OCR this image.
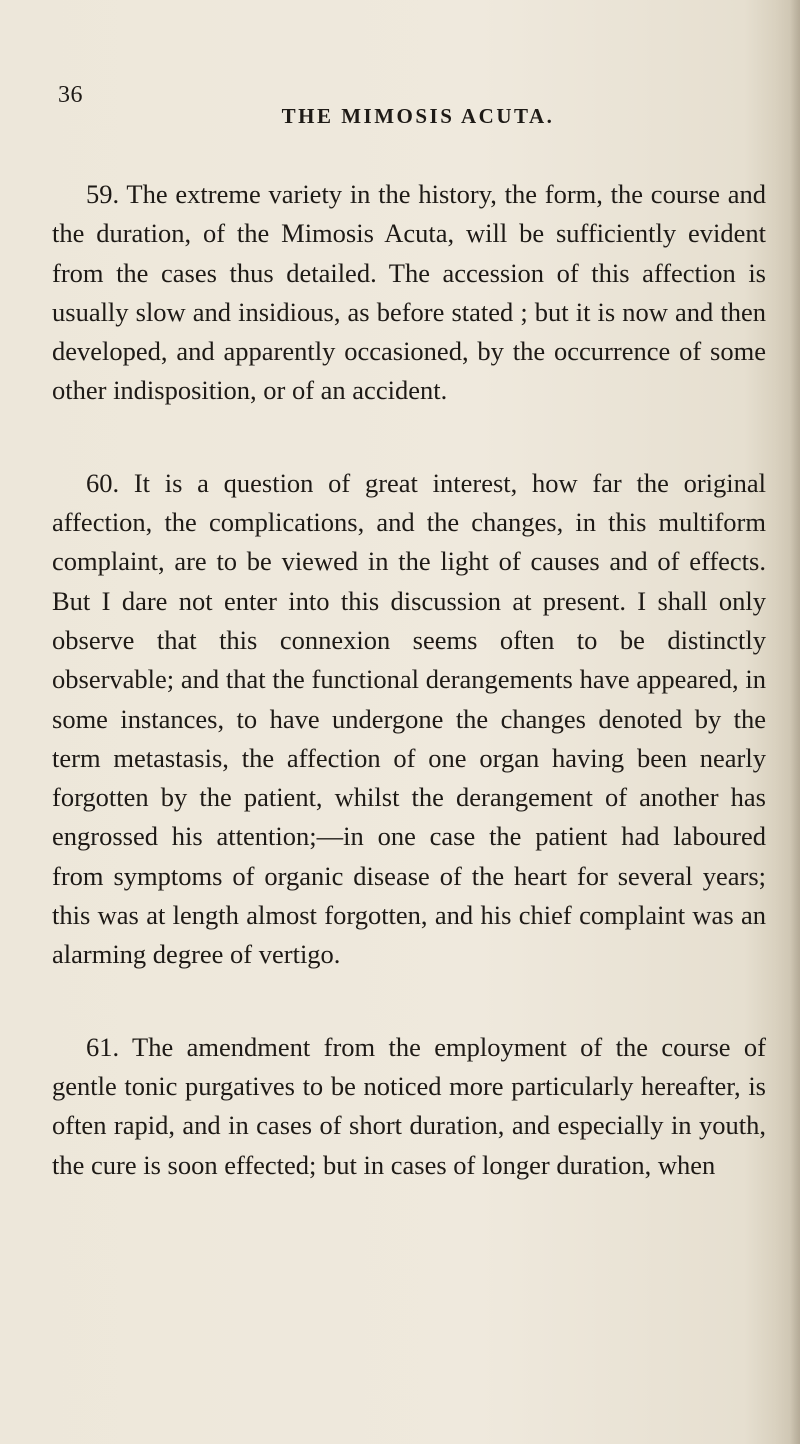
36
THE MIMOSIS ACUTA.

59. The extreme variety in the history, the form, the course and the duration, of the Mimosis Acuta, will be sufficiently evident from the cases thus detailed. The accession of this affection is usually slow and insidious, as before stated ; but it is now and then developed, and apparently occasioned, by the occurrence of some other indisposition, or of an accident.

60. It is a question of great interest, how far the original affection, the complications, and the changes, in this multiform complaint, are to be viewed in the light of causes and of effects. But I dare not enter into this discussion at present. I shall only observe that this connexion seems often to be distinctly observable; and that the functional derangements have appeared, in some instances, to have undergone the changes denoted by the term metastasis, the affection of one organ having been nearly forgotten by the patient, whilst the derangement of another has engrossed his attention;—in one case the patient had laboured from symptoms of organic disease of the heart for several years; this was at length almost forgotten, and his chief complaint was an alarming degree of vertigo.

61. The amendment from the employment of the course of gentle tonic purgatives to be noticed more particularly hereafter, is often rapid, and in cases of short duration, and especially in youth, the cure is soon effected; but in cases of longer duration, when
